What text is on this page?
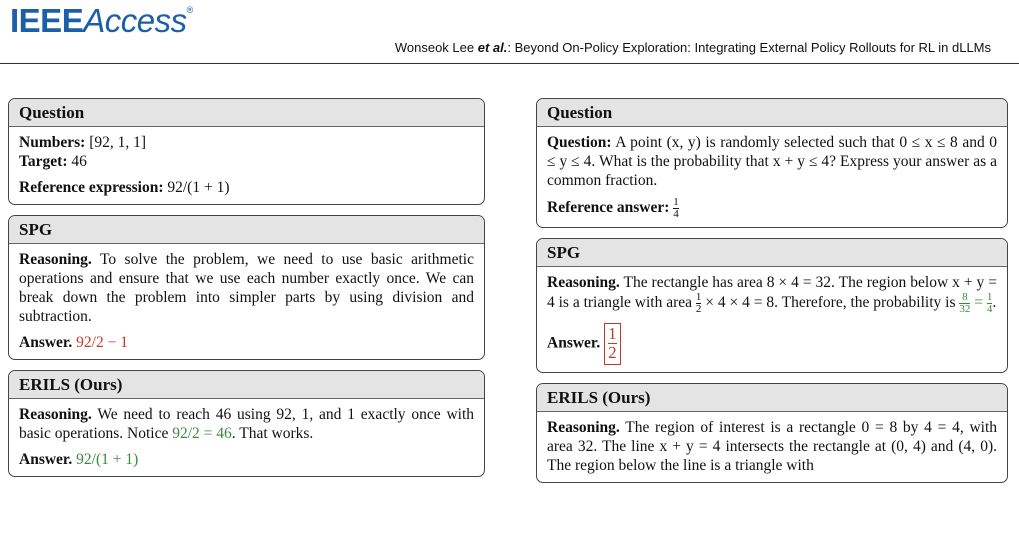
IEEEAccess®
Wonseok Lee et al.: Beyond On-Policy Exploration: Integrating External Policy Rollouts for RL in dLLMs
Question

Numbers: [92, 1, 1]

Target: 46

Reference expression: 92/(1 + 1)

SPG

Reasoning. To solve the problem, we need to use basic arithmetic operations and ensure that we use each number exactly once. We can break down the problem into simpler parts by using division and subtraction.

Answer. 92/2 − 1

ERILS (Ours)

Reasoning. We need to reach 46 using 92, 1, and 1 exactly once with basic operations. Notice 92/2 = 46. That works.

Answer. 92/(1 + 1)

Question

Question: A point (x, y) is randomly selected such that 0 ≤ x ≤ 8 and 0 ≤ y ≤ 4. What is the probability that x + y ≤ 4? Express your answer as a common fraction.

Reference answer: $\frac{1}{4}$

SPG

Reasoning. The rectangle has area 8 × 4 = 32. The region below x + y = 4 is a triangle with area $\frac{1}{2} \times 4 \times 4 = 8$. Therefore, the probability is $\frac{8}{32} = \frac{1}{4}$ .

Answer. $\frac{1}{2}$

ERILS (Ours)

Reasoning. The region of interest is a rectangle 0 = 8 by 4 = 4, with area 32. The line x + y = 4 intersects the rectangle at (0, 4) and (4, 0). The region below the line is a triangle with
